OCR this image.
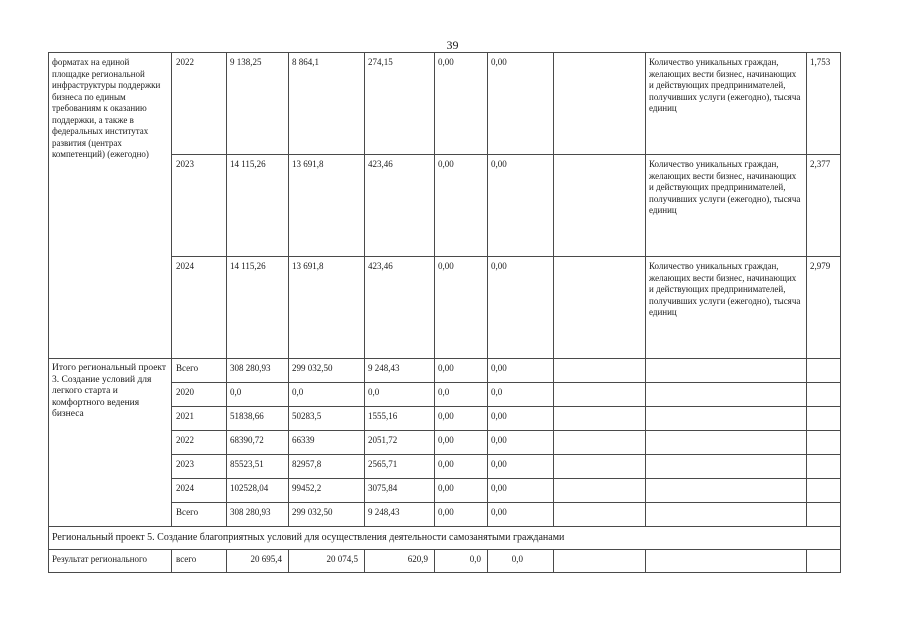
39
форматах на единой площадке региональной инфраструктуры поддержки бизнеса по единым требованиям к оказанию поддержки, а также в федеральных институтах развития (центрах компетенций) (ежегодно)	2022	9 138,25	8 864,1	274,15	0,00	0,00		Количество уникальных граждан, желающих вести бизнес, начинающих и действующих предпринимателей, получивших услуги (ежегодно), тысяча единиц	1,753
	2023	14 115,26	13 691,8	423,46	0,00	0,00		Количество уникальных граждан, желающих вести бизнес, начинающих и действующих предпринимателей, получивших услуги (ежегодно), тысяча единиц	2,377
	2024	14 115,26	13 691,8	423,46	0,00	0,00		Количество уникальных граждан, желающих вести бизнес, начинающих и действующих предпринимателей, получивших услуги (ежегодно), тысяча единиц	2,979
Итого региональный проект 3. Создание условий для легкого старта и комфортного ведения бизнеса	Всего	308 280,93	299 032,50	9 248,43	0,00	0,00			
	2020	0,0	0,0	0,0	0,0	0,0			
	2021	51838,66	50283,5	1555,16	0,00	0,00			
	2022	68390,72	66339	2051,72	0,00	0,00			
	2023	85523,51	82957,8	2565,71	0,00	0,00			
	2024	102528,04	99452,2	3075,84	0,00	0,00			
	Всего	308 280,93	299 032,50	9 248,43	0,00	0,00			
Региональный проект 5. Создание благоприятных условий для осуществления деятельности самозанятыми гражданами									
Результат регионального	всего	20 695,4	20 074,5	620,9	0,0	0,0			
